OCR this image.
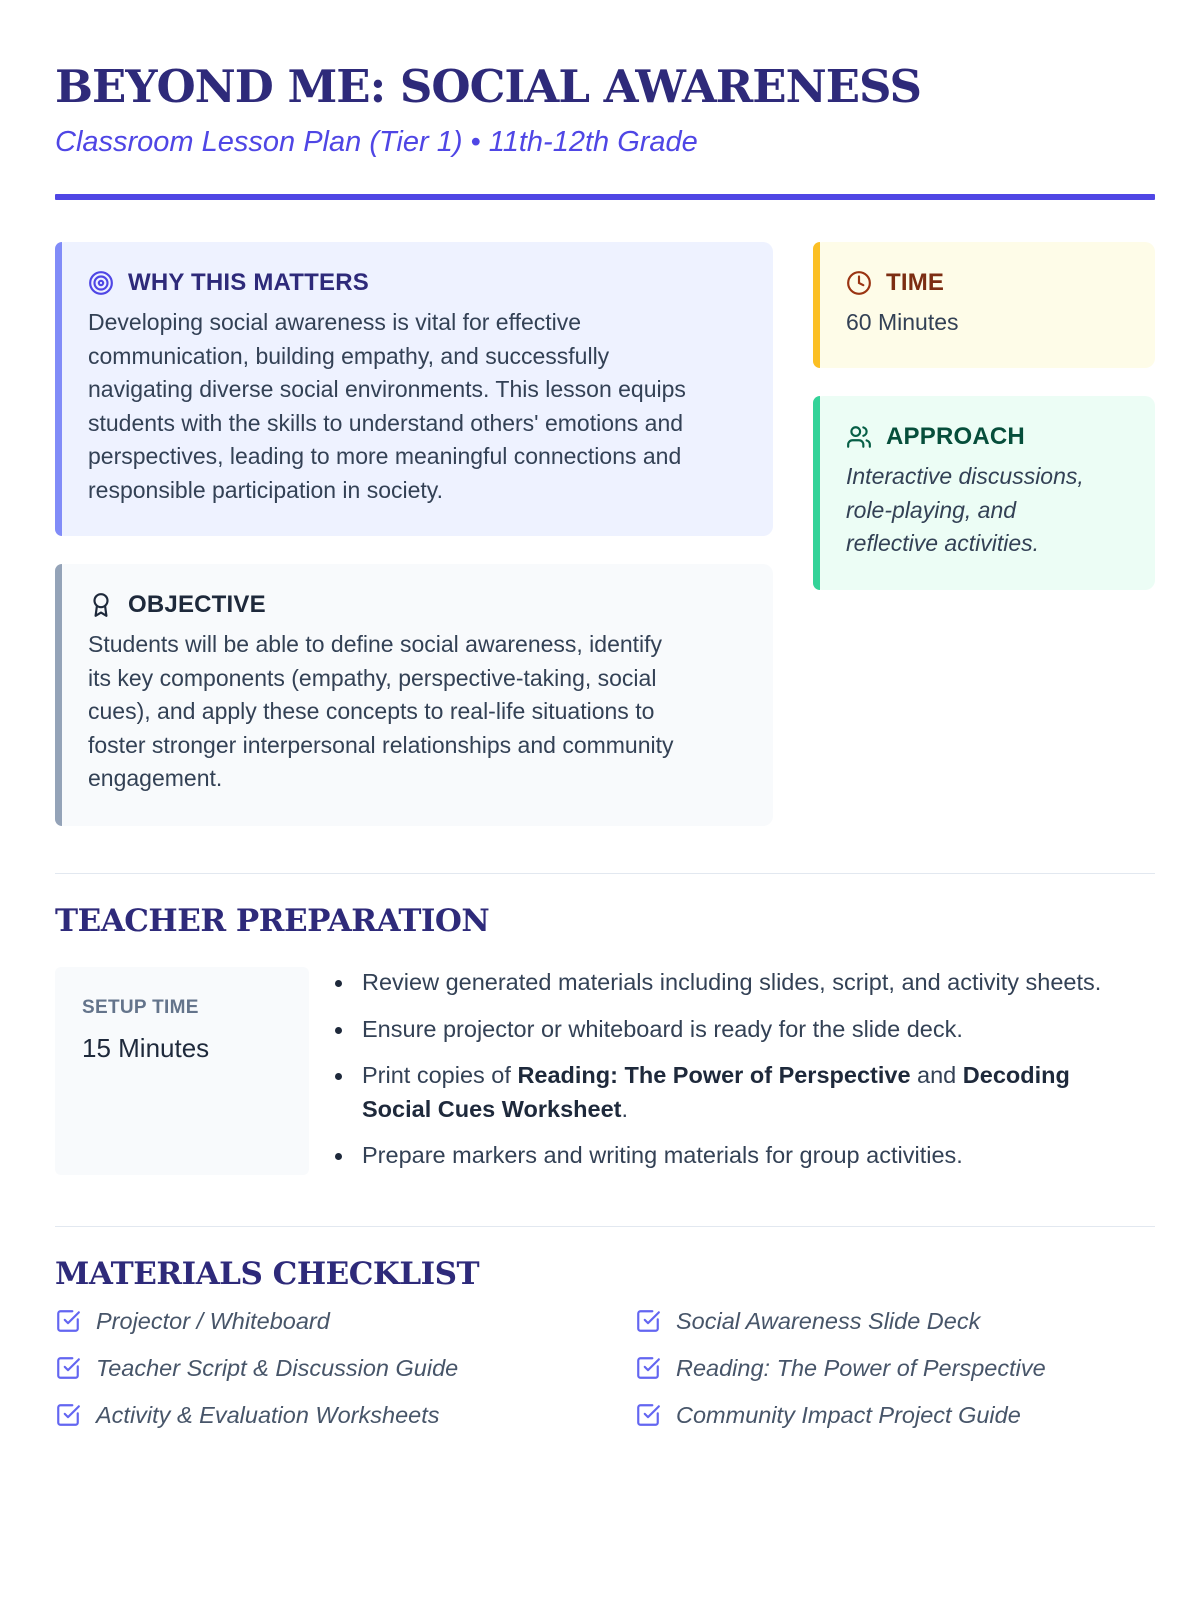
BEYOND ME: SOCIAL AWARENESS
Classroom Lesson Plan (Tier 1) • 11th-12th Grade
WHY THIS MATTERS
Developing social awareness is vital for effective
communication, building empathy, and successfully
navigating diverse social environments. This lesson equips
students with the skills to understand others' emotions and
perspectives, leading to more meaningful connections and
responsible participation in society.
OBJECTIVE
Students will be able to define social awareness, identify
its key components (empathy, perspective-taking, social
cues), and apply these concepts to real-life situations to
foster stronger interpersonal relationships and community
engagement.
TIME
60 Minutes
APPROACH
Interactive discussions,
role-playing, and
reflective activities.
TEACHER PREPARATION
SETUP TIME
15 Minutes
Review generated materials including slides, script, and activity sheets.
Ensure projector or whiteboard is ready for the slide deck.
Print copies of Reading: The Power of Perspective and Decoding
Social Cues Worksheet.
Prepare markers and writing materials for group activities.
MATERIALS CHECKLIST
Projector / Whiteboard	Social Awareness Slide Deck
Teacher Script & Discussion Guide	Reading: The Power of Perspective
Activity & Evaluation Worksheets	Community Impact Project Guide
